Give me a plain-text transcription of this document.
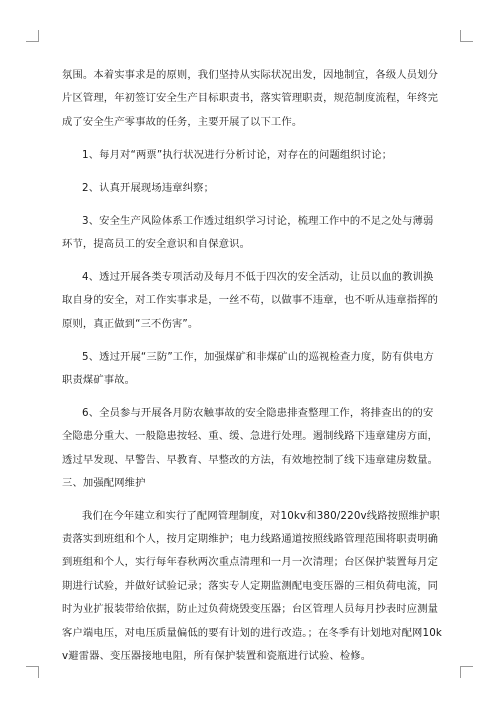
氛围。本着实事求是的原则，我们坚持从实际状况出发，因地制宜，各级人员划分片区管理，年初签订安全生产目标职责书，落实管理职责，规范制度流程，年终完成了安全生产零事故的任务，主要开展了以下工作。

1、每月对“两票”执行状况进行分析讨论，对存在的问题组织讨论；

2、认真开展现场违章纠察；

3、安全生产风险体系工作透过组织学习讨论，梳理工作中的不足之处与薄弱环节，提高员工的安全意识和自保意识。

4、透过开展各类专项活动及每月不低于四次的安全活动，让员以血的教训换取自身的安全，对工作实事求是，一丝不苟，以做事不违章，也不听从违章指挥的原则，真正做到“三不伤害”。

5、透过开展“三防”工作，加强煤矿和非煤矿山的巡视检查力度，防有供电方职责煤矿事故。

6、全员参与开展各月防农触事故的安全隐患排查整理工作，将排查出的的安全隐患分重大、一般隐患按轻、重、缓、急进行处理。遏制线路下违章建房方面，透过早发现、早警告、早教育、早整改的方法，有效地控制了线下违章建房数量。三、加强配网维护

我们在今年建立和实行了配网管理制度，对10kv和380/220v线路按照维护职责落实到班组和个人，按月定期维护；电力线路通道按照线路管理范围将职责明确到班组和个人，实行每年春秋两次重点清理和一月一次清理；台区保护装置每月定期进行试验，并做好试验记录；落实专人定期监测配电变压器的三相负荷电流，同时为业扩报装带给依据，防止过负荷烧毁变压器；台区管理人员每月抄表时应测量客户端电压，对电压质量偏低的要有计划的进行改造。；在冬季有计划地对配网10kv避雷器、变压器接地电阻，所有保护装置和瓷瓶进行试验、检修。
